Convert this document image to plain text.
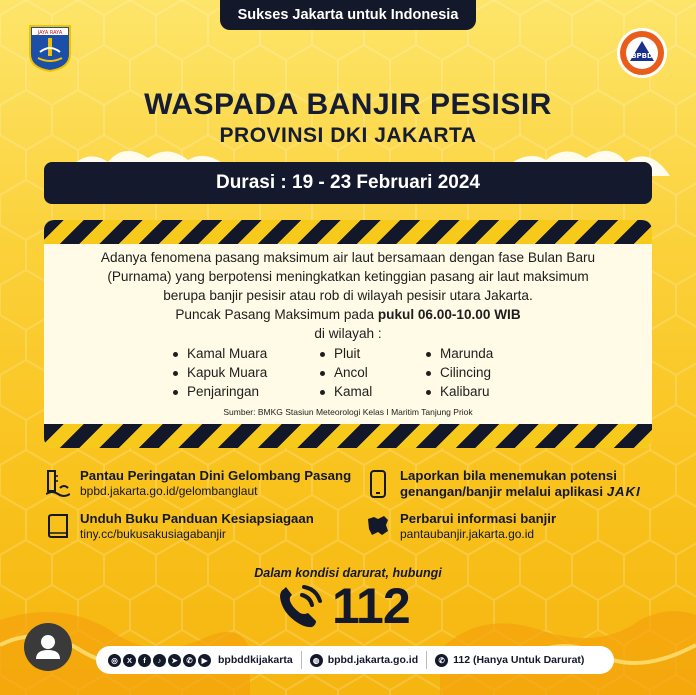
Sukses Jakarta untuk Indonesia
JAYA RAYA
BPBD
WASPADA BANJIR PESISIR
PROVINSI DKI JAKARTA
Durasi : 19 - 23 Februari 2024
Adanya fenomena pasang maksimum air laut bersamaan dengan fase Bulan Baru
(Purnama) yang berpotensi meningkatkan ketinggian pasang air laut maksimum
berupa banjir pesisir atau rob di wilayah pesisir utara Jakarta.
Puncak Pasang Maksimum pada pukul 06.00-10.00 WIB
di wilayah :
Kamal Muara
Kapuk Muara
Penjaringan
Pluit
Ancol
Kamal
Marunda
Cilincing
Kalibaru
Sumber: BMKG Stasiun Meteorologi Kelas I Maritim Tanjung Priok
Pantau Peringatan Dini Gelombang Pasang
bpbd.jakarta.go.id/gelombanglaut
Laporkan bila menemukan potensi
genangan/banjir melalui aplikasi JAKI
Unduh Buku Panduan Kesiapsiagaan
tiny.cc/bukusakusiagabanjir
Perbarui informasi banjir
pantaubanjir.jakarta.go.id
Dalam kondisi darurat, hubungi
112
◎	X	f	♪	➤	✆	▶	bpbddkijakarta	◍ bpbd.jakarta.go.id	✆ 112 (Hanya Untuk Darurat)
